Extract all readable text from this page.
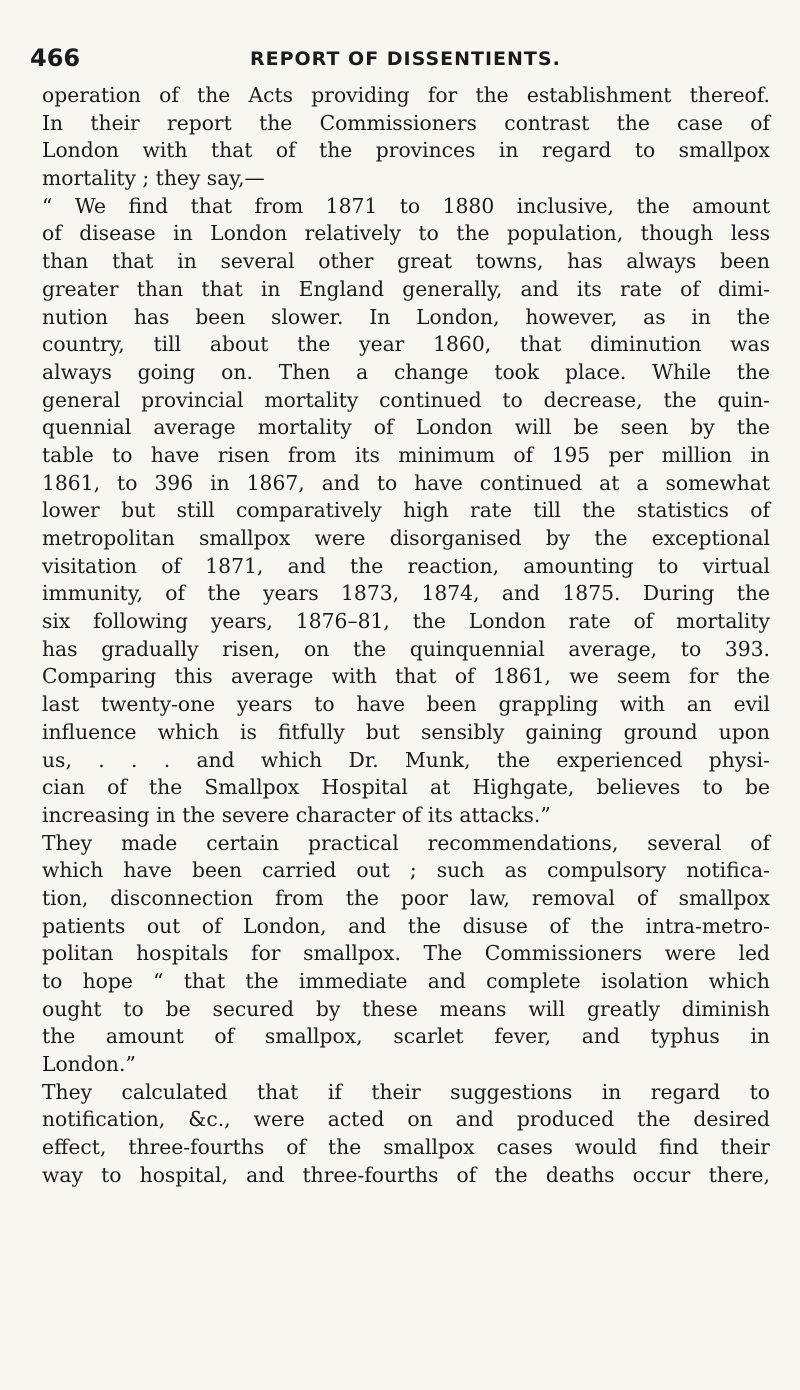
466	REPORT OF DISSENTIENTS.
operation of the Acts providing for the establishment thereof.
In their report the Commissioners contrast the case of
London with that of the provinces in regard to smallpox
mortality ; they say,—
“ We find that from 1871 to 1880 inclusive, the amount
of disease in London relatively to the population, though less
than that in several other great towns, has always been
greater than that in England generally, and its rate of dimi-
nution has been slower. In London, however, as in the
country, till about the year 1860, that diminution was
always going on. Then a change took place. While the
general provincial mortality continued to decrease, the quin-
quennial average mortality of London will be seen by the
table to have risen from its minimum of 195 per million in
1861, to 396 in 1867, and to have continued at a somewhat
lower but still comparatively high rate till the statistics of
metropolitan smallpox were disorganised by the exceptional
visitation of 1871, and the reaction, amounting to virtual
immunity, of the years 1873, 1874, and 1875. During the
six following years, 1876–81, the London rate of mortality
has gradually risen, on the quinquennial average, to 393.
Comparing this average with that of 1861, we seem for the
last twenty-one years to have been grappling with an evil
influence which is fitfully but sensibly gaining ground upon
us, . . . and which Dr. Munk, the experienced physi-
cian of the Smallpox Hospital at Highgate, believes to be
increasing in the severe character of its attacks.”
They made certain practical recommendations, several of
which have been carried out ; such as compulsory notifica-
tion, disconnection from the poor law, removal of smallpox
patients out of London, and the disuse of the intra-metro-
politan hospitals for smallpox. The Commissioners were led
to hope “ that the immediate and complete isolation which
ought to be secured by these means will greatly diminish
the amount of smallpox, scarlet fever, and typhus in
London.”
They calculated that if their suggestions in regard to
notification, &c., were acted on and produced the desired
effect, three-fourths of the smallpox cases would find their
way to hospital, and three-fourths of the deaths occur there,
